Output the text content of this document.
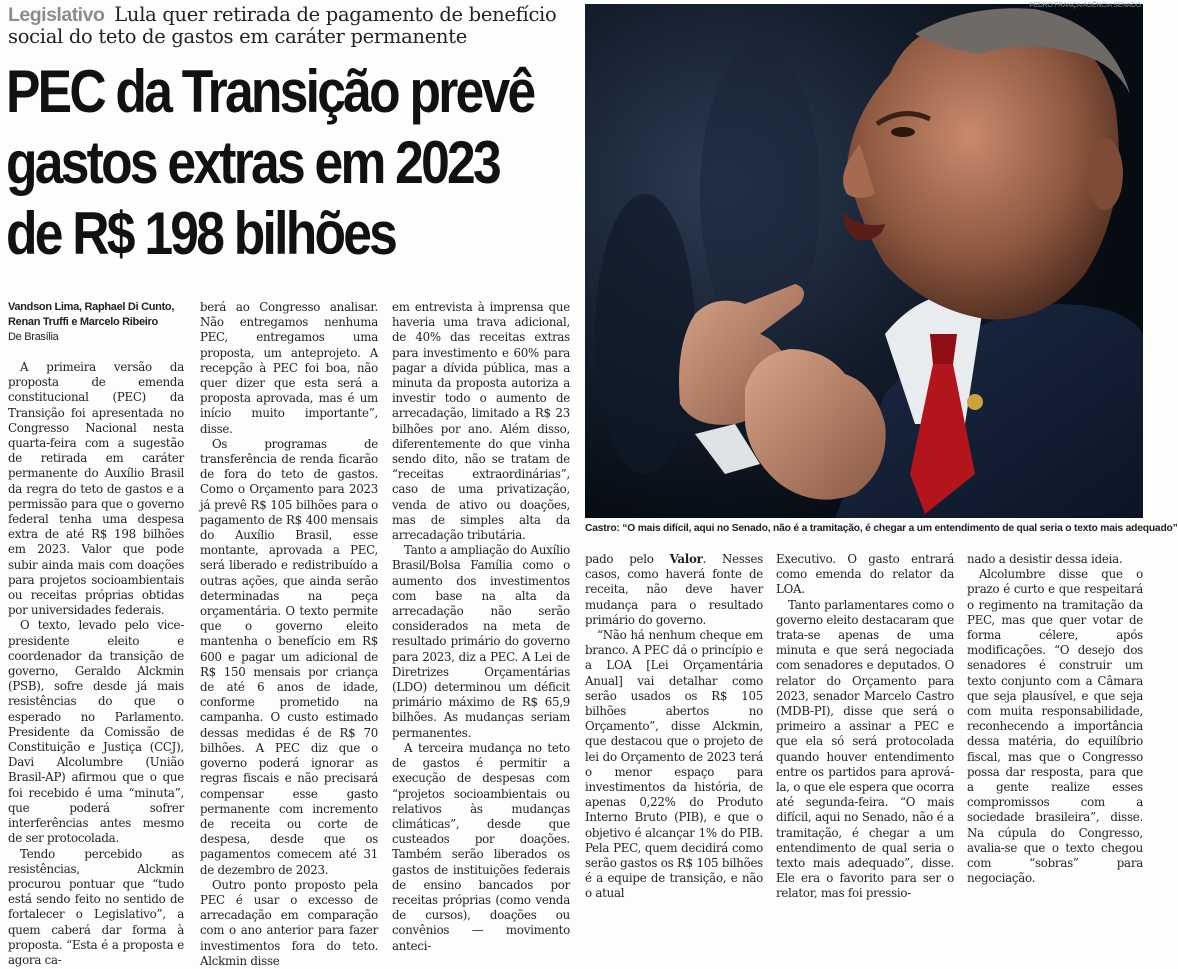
Legislativo Lula quer retirada de pagamento de benefício social do teto de gastos em caráter permanente
PEC da Transição prevê
gastos extras em 2023
de R$ 198 bilhões
PEDRO FRANÇA/AGÊNCIA SENADO
Castro: “O mais difícil, aqui no Senado, não é a tramitação, é chegar a um entendimento de qual seria o texto mais adequado”
Vandson Lima, Raphael Di Cunto, Renan Truffi e Marcelo Ribeiro
De Brasília

A primeira versão da proposta de emenda constitucional (PEC) da Transição foi apresentada no Congresso Nacional nesta quarta-feira com a sugestão de retirada em caráter permanente do Auxílio Brasil da regra do teto de gastos e a permissão para que o governo federal tenha uma despesa extra de até R$ 198 bilhões em 2023. Valor que pode subir ainda mais com doações para projetos socioambientais ou receitas próprias obtidas por universidades federais.

O texto, levado pelo vice-presidente eleito e coordenador da transição de governo, Geraldo Alckmin (PSB), sofre desde já mais resistências do que o esperado no Parlamento. Presidente da Comissão de Constituição e Justiça (CCJ), Davi Alcolumbre (União Brasil-AP) afirmou que o que foi recebido é uma “minuta”, que poderá sofrer interferências antes mesmo de ser protocolada.

Tendo percebido as resistências, Alckmin procurou pontuar que “tudo está sendo feito no sentido de fortalecer o Legislativo”, a quem caberá dar forma à proposta. “Esta é a proposta e agora ca-

berá ao Congresso analisar. Não entregamos nenhuma PEC, entregamos uma proposta, um anteprojeto. A recepção à PEC foi boa, não quer dizer que esta será a proposta aprovada, mas é um início muito importante”, disse.

Os programas de transferência de renda ficarão de fora do teto de gastos. Como o Orçamento para 2023 já prevê R$ 105 bilhões para o pagamento de R$ 400 mensais do Auxílio Brasil, esse montante, aprovada a PEC, será liberado e redistribuído a outras ações, que ainda serão determinadas na peça orçamentária. O texto permite que o governo eleito mantenha o benefício em R$ 600 e pagar um adicional de R$ 150 mensais por criança de até 6 anos de idade, conforme prometido na campanha. O custo estimado dessas medidas é de R$ 70 bilhões. A PEC diz que o governo poderá ignorar as regras fiscais e não precisará compensar esse gasto permanente com incremento de receita ou corte de despesa, desde que os pagamentos comecem até 31 de dezembro de 2023.

Outro ponto proposto pela PEC é usar o excesso de arrecadação em comparação com o ano anterior para fazer investimentos fora do teto. Alckmin disse

em entrevista à imprensa que haveria uma trava adicional, de 40% das receitas extras para investimento e 60% para pagar a dívida pública, mas a minuta da proposta autoriza a investir todo o aumento de arrecadação, limitado a R$ 23 bilhões por ano. Além disso, diferentemente do que vinha sendo dito, não se tratam de “receitas extraordinárias”, caso de uma privatização, venda de ativo ou doações, mas de simples alta da arrecadação tributária.

Tanto a ampliação do Auxílio Brasil/Bolsa Família como o aumento dos investimentos com base na alta da arrecadação não serão considerados na meta de resultado primário do governo para 2023, diz a PEC. A Lei de Diretrizes Orçamentárias (LDO) determinou um déficit primário máximo de R$ 65,9 bilhões. As mudanças seriam permanentes.

A terceira mudança no teto de gastos é permitir a execução de despesas com “projetos socioambientais ou relativos às mudanças climáticas”, desde que custeados por doações. Também serão liberados os gastos de instituições federais de ensino bancados por receitas próprias (como venda de cursos), doações ou convênios — movimento anteci-

pado pelo Valor. Nesses casos, como haverá fonte de receita, não deve haver mudança para o resultado primário do governo.

“Não há nenhum cheque em branco. A PEC dá o princípio e a LOA [Lei Orçamentária Anual] vai detalhar como serão usados os R$ 105 bilhões abertos no Orçamento”, disse Alckmin, que destacou que o projeto de lei do Orçamento de 2023 terá o menor espaço para investimentos da história, de apenas 0,22% do Produto Interno Bruto (PIB), e que o objetivo é alcançar 1% do PIB. Pela PEC, quem decidirá como serão gastos os R$ 105 bilhões é a equipe de transição, e não o atual

Executivo. O gasto entrará como emenda do relator da LOA.

Tanto parlamentares como o governo eleito destacaram que trata-se apenas de uma minuta e que será negociada com senadores e deputados. O relator do Orçamento para 2023, senador Marcelo Castro (MDB-PI), disse que será o primeiro a assinar a PEC e que ela só será protocolada quando houver entendimento entre os partidos para aprová-la, o que ele espera que ocorra até segunda-feira. “O mais difícil, aqui no Senado, não é a tramitação, é chegar a um entendimento de qual seria o texto mais adequado”, disse. Ele era o favorito para ser o relator, mas foi pressio-

nado a desistir dessa ideia.

Alcolumbre disse que o prazo é curto e que respeitará o regimento na tramitação da PEC, mas que quer votar de forma célere, após modificações. “O desejo dos senadores é construir um texto conjunto com a Câmara que seja plausível, e que seja com muita responsabilidade, reconhecendo a importância dessa matéria, do equilíbrio fiscal, mas que o Congresso possa dar resposta, para que a gente realize esses compromissos com a sociedade brasileira”, disse. Na cúpula do Congresso, avalia-se que o texto chegou com “sobras” para negociação.
